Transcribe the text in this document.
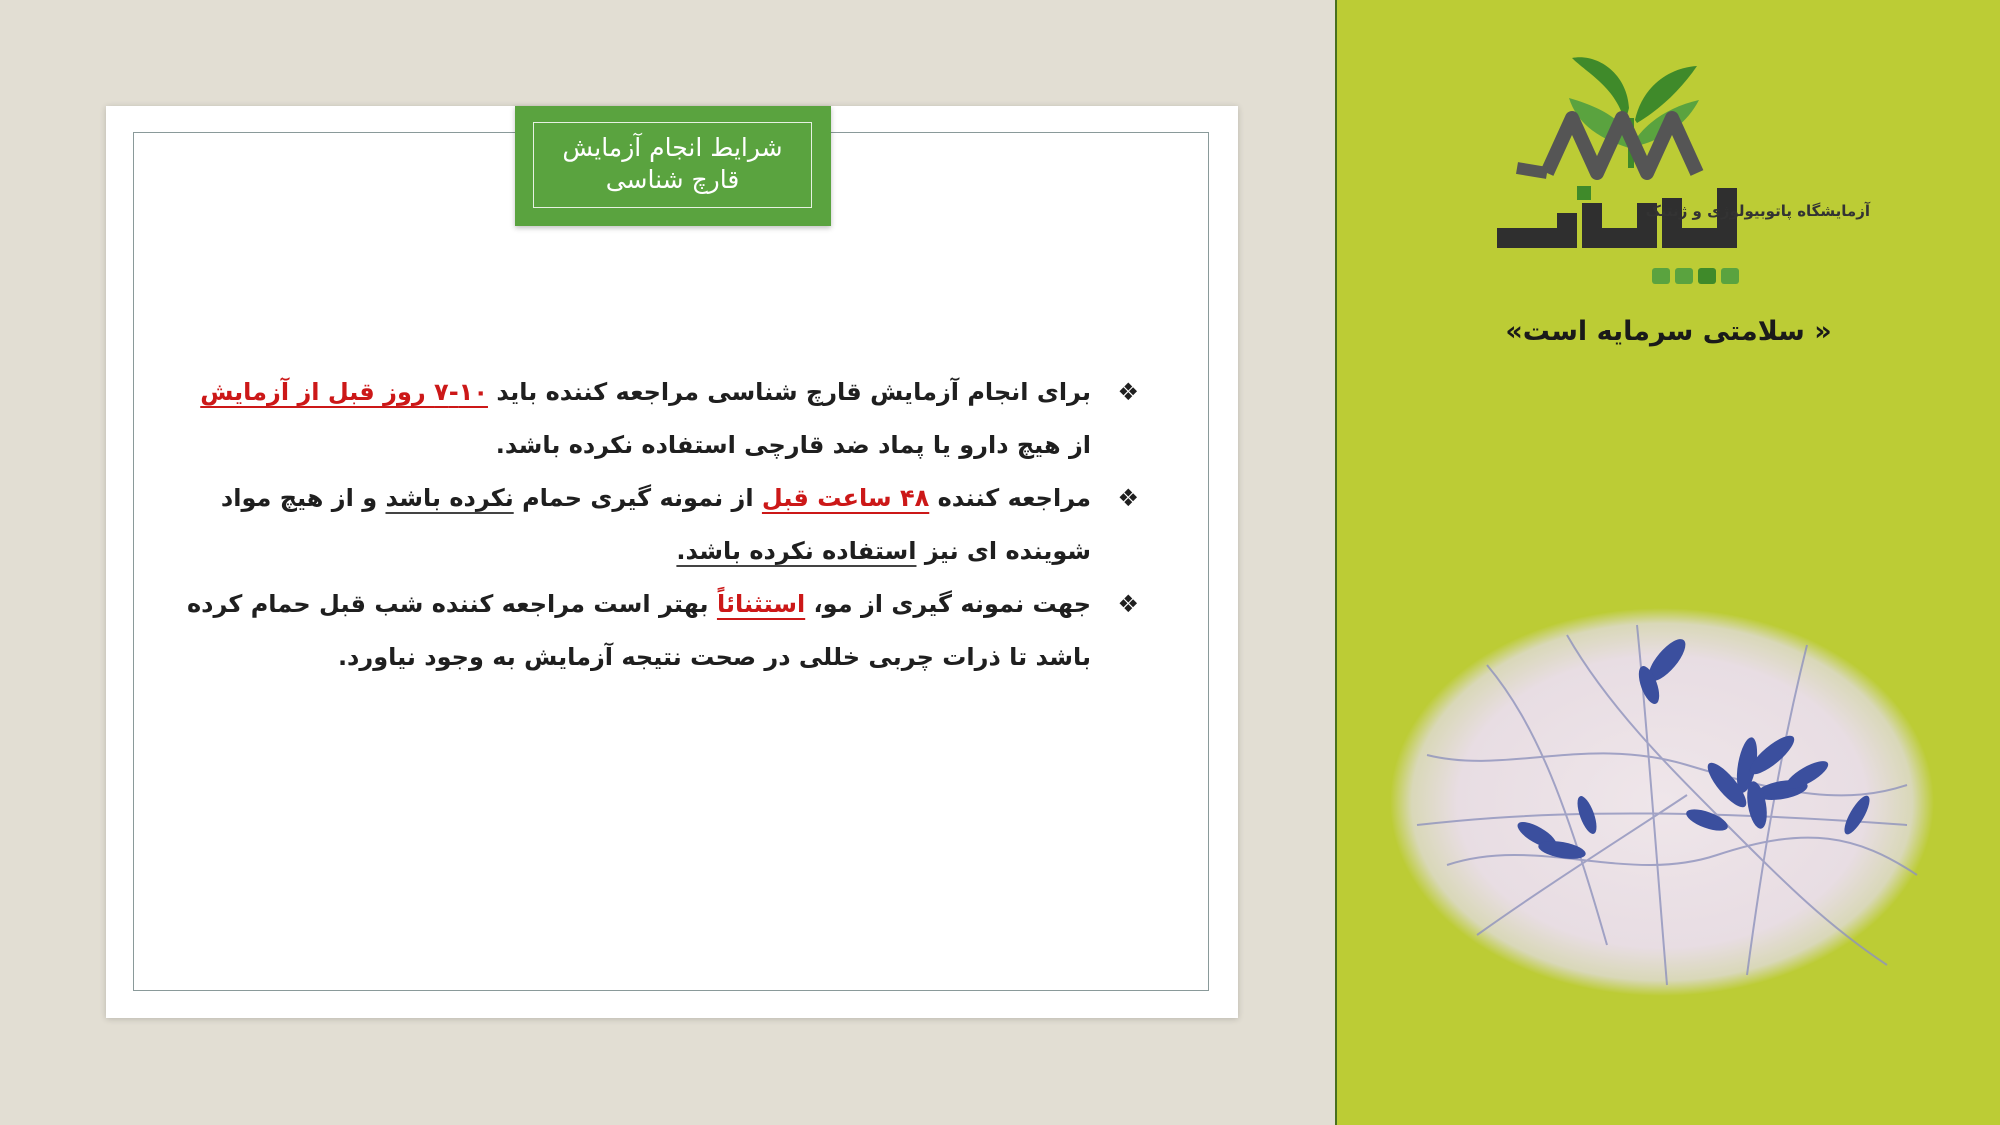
شرایط انجام آزمایش
قارچ شناسی
❖
برای انجام آزمایش قارچ شناسی مراجعه کننده باید ۱۰-۷ روز قبل از آزمایش از هیچ دارو یا پماد ضد قارچی استفاده نکرده باشد.
❖
مراجعه کننده ۴۸ ساعت قبل از نمونه گیری حمام نکرده باشد و از هیچ مواد شوینده ای نیز استفاده نکرده باشد.
❖
جهت نمونه گیری از مو، استثنائاً بهتر است مراجعه کننده شب قبل حمام کرده باشد تا ذرات چربی خللی در صحت نتیجه آزمایش به وجود نیاورد.
آزمایشگاه پاتوبیولوژی و ژنتیک
« سلامتی سرمایه است»
